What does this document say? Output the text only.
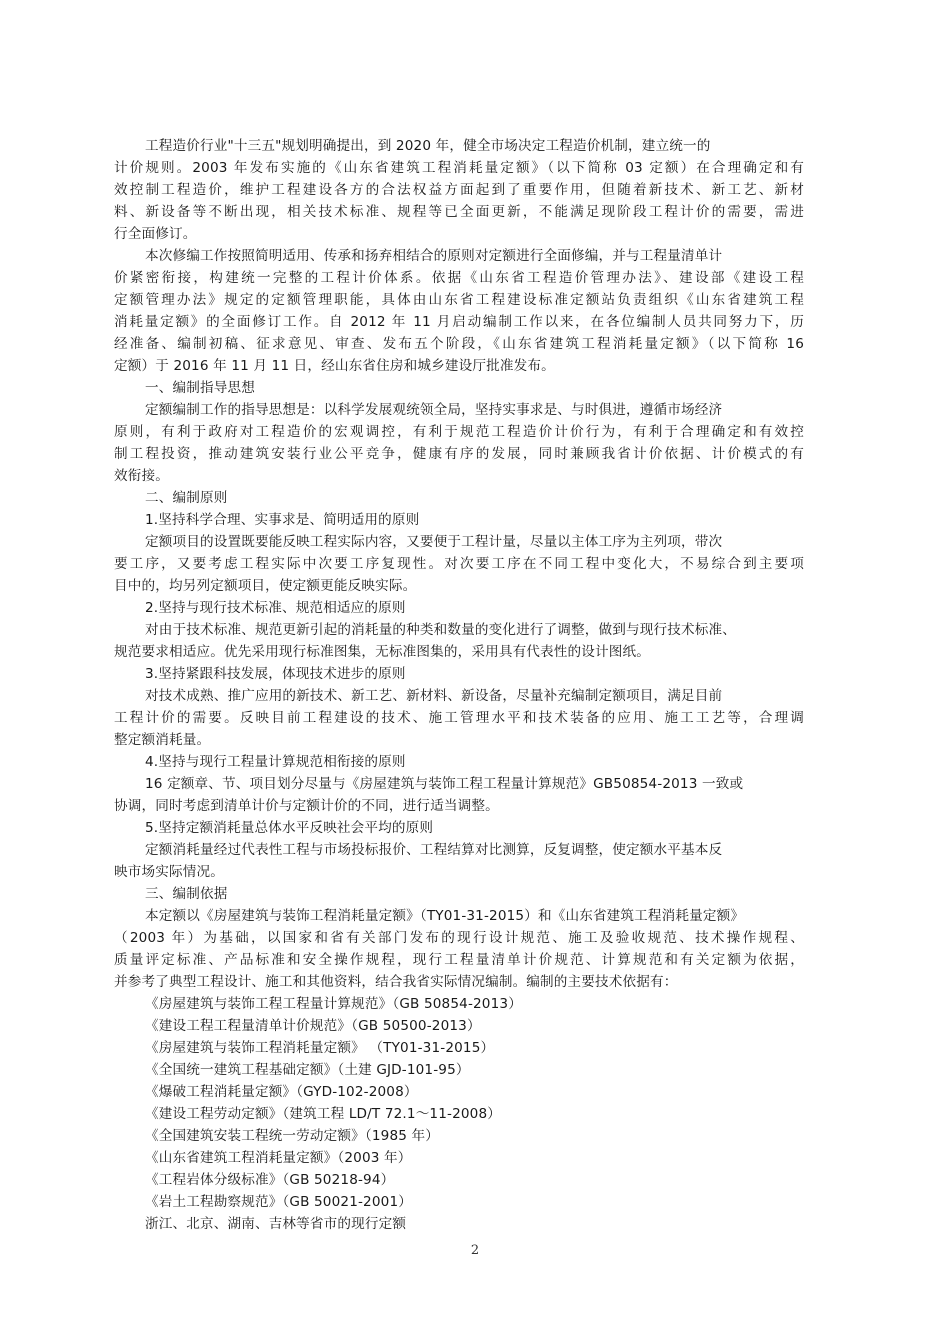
工程造价行业"十三五"规划明确提出，到 2020 年，健全市场决定工程造价机制，建立统一的
计价规则。2003 年发布实施的《山东省建筑工程消耗量定额》（以下简称 03 定额）在合理确定和有
效控制工程造价，维护工程建设各方的合法权益方面起到了重要作用，但随着新技术、新工艺、新材
料、新设备等不断出现，相关技术标准、规程等已全面更新，不能满足现阶段工程计价的需要，需进
行全面修订。
本次修编工作按照简明适用、传承和扬弃相结合的原则对定额进行全面修编，并与工程量清单计
价紧密衔接，构建统一完整的工程计价体系。依据《山东省工程造价管理办法》、建设部《建设工程
定额管理办法》规定的定额管理职能，具体由山东省工程建设标准定额站负责组织《山东省建筑工程
消耗量定额》的全面修订工作。自 2012 年 11 月启动编制工作以来，在各位编制人员共同努力下，历
经准备、编制初稿、征求意见、审查、发布五个阶段，《山东省建筑工程消耗量定额》（以下简称 16
定额）于 2016 年 11 月 11 日，经山东省住房和城乡建设厅批准发布。
一、编制指导思想
定额编制工作的指导思想是：以科学发展观统领全局，坚持实事求是、与时俱进，遵循市场经济
原则，有利于政府对工程造价的宏观调控，有利于规范工程造价计价行为，有利于合理确定和有效控
制工程投资，推动建筑安装行业公平竞争，健康有序的发展，同时兼顾我省计价依据、计价模式的有
效衔接。
二、编制原则
1.坚持科学合理、实事求是、简明适用的原则
定额项目的设置既要能反映工程实际内容，又要便于工程计量，尽量以主体工序为主列项，带次
要工序，又要考虑工程实际中次要工序复现性。对次要工序在不同工程中变化大，不易综合到主要项
目中的，均另列定额项目，使定额更能反映实际。
2.坚持与现行技术标准、规范相适应的原则
对由于技术标准、规范更新引起的消耗量的种类和数量的变化进行了调整，做到与现行技术标准、
规范要求相适应。优先采用现行标准图集，无标准图集的，采用具有代表性的设计图纸。
3.坚持紧跟科技发展，体现技术进步的原则
对技术成熟、推广应用的新技术、新工艺、新材料、新设备，尽量补充编制定额项目，满足目前
工程计价的需要。反映目前工程建设的技术、施工管理水平和技术装备的应用、施工工艺等，合理调
整定额消耗量。
4.坚持与现行工程量计算规范相衔接的原则
16 定额章、节、项目划分尽量与《房屋建筑与装饰工程工程量计算规范》GB50854-2013 一致或
协调，同时考虑到清单计价与定额计价的不同，进行适当调整。
5.坚持定额消耗量总体水平反映社会平均的原则
定额消耗量经过代表性工程与市场投标报价、工程结算对比测算，反复调整，使定额水平基本反
映市场实际情况。
三、编制依据
本定额以《房屋建筑与装饰工程消耗量定额》（TY01-31-2015）和《山东省建筑工程消耗量定额》
（2003 年）为基础，以国家和省有关部门发布的现行设计规范、施工及验收规范、技术操作规程、
质量评定标准、产品标准和安全操作规程，现行工程量清单计价规范、计算规范和有关定额为依据，
并参考了典型工程设计、施工和其他资料，结合我省实际情况编制。编制的主要技术依据有：
《房屋建筑与装饰工程工程量计算规范》（GB 50854-2013）
《建设工程工程量清单计价规范》（GB 50500-2013）
《房屋建筑与装饰工程消耗量定额》 （TY01-31-2015）
《全国统一建筑工程基础定额》（土建 GJD-101-95）
《爆破工程消耗量定额》（GYD-102-2008）
《建设工程劳动定额》（建筑工程 LD/T 72.1～11-2008）
《全国建筑安装工程统一劳动定额》（1985 年）
《山东省建筑工程消耗量定额》（2003 年）
《工程岩体分级标准》（GB 50218-94）
《岩土工程勘察规范》（GB 50021-2001）
浙江、北京、湖南、吉林等省市的现行定额
2
